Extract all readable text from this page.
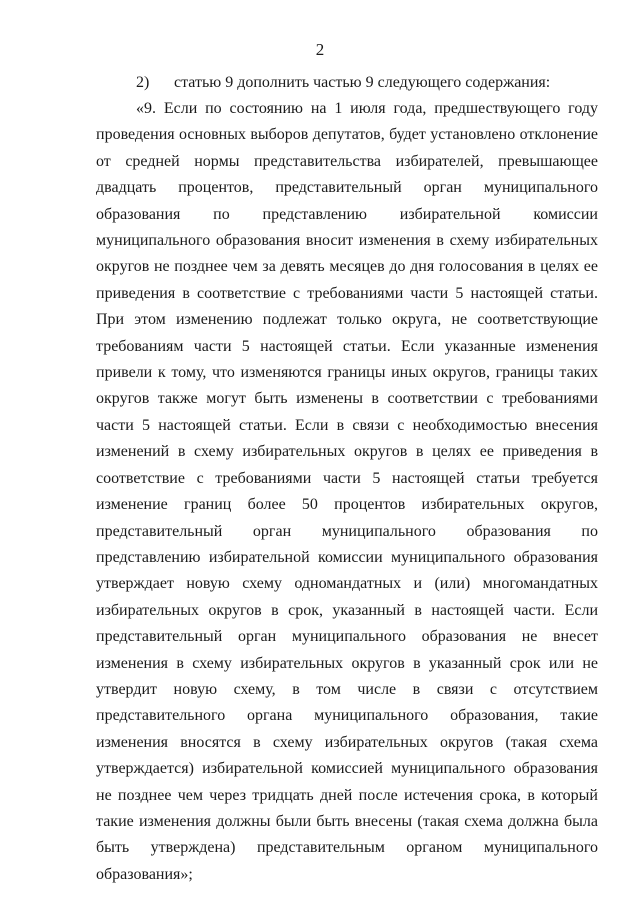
2
2) статью 9 дополнить частью 9 следующего содержания:

«9. Если по состоянию на 1 июля года, предшествующего году проведения основных выборов депутатов, будет установлено отклонение от средней нормы представительства избирателей, превышающее двадцать процентов, представительный орган муниципального образования по представлению избирательной комиссии муниципального образования вносит изменения в схему избирательных округов не позднее чем за девять месяцев до дня голосования в целях ее приведения в соответствие с требованиями части 5 настоящей статьи. При этом изменению подлежат только округа, не соответствующие требованиям части 5 настоящей статьи. Если указанные изменения привели к тому, что изменяются границы иных округов, границы таких округов также могут быть изменены в соответствии с требованиями части 5 настоящей статьи. Если в связи с необходимостью внесения изменений в схему избирательных округов в целях ее приведения в соответствие с требованиями части 5 настоящей статьи требуется изменение границ более 50 процентов избирательных округов, представительный орган муниципального образования по представлению избирательной комиссии муниципального образования утверждает новую схему одномандатных и (или) многомандатных избирательных округов в срок, указанный в настоящей части. Если представительный орган муниципального образования не внесет изменения в схему избирательных округов в указанный срок или не утвердит новую схему, в том числе в связи с отсутствием представительного органа муниципального образования, такие изменения вносятся в схему избирательных округов (такая схема утверждается) избирательной комиссией муниципального образования не позднее чем через тридцать дней после истечения срока, в который такие изменения должны были быть внесены (такая схема должна была быть утверждена) представительным органом муниципального образования»;
